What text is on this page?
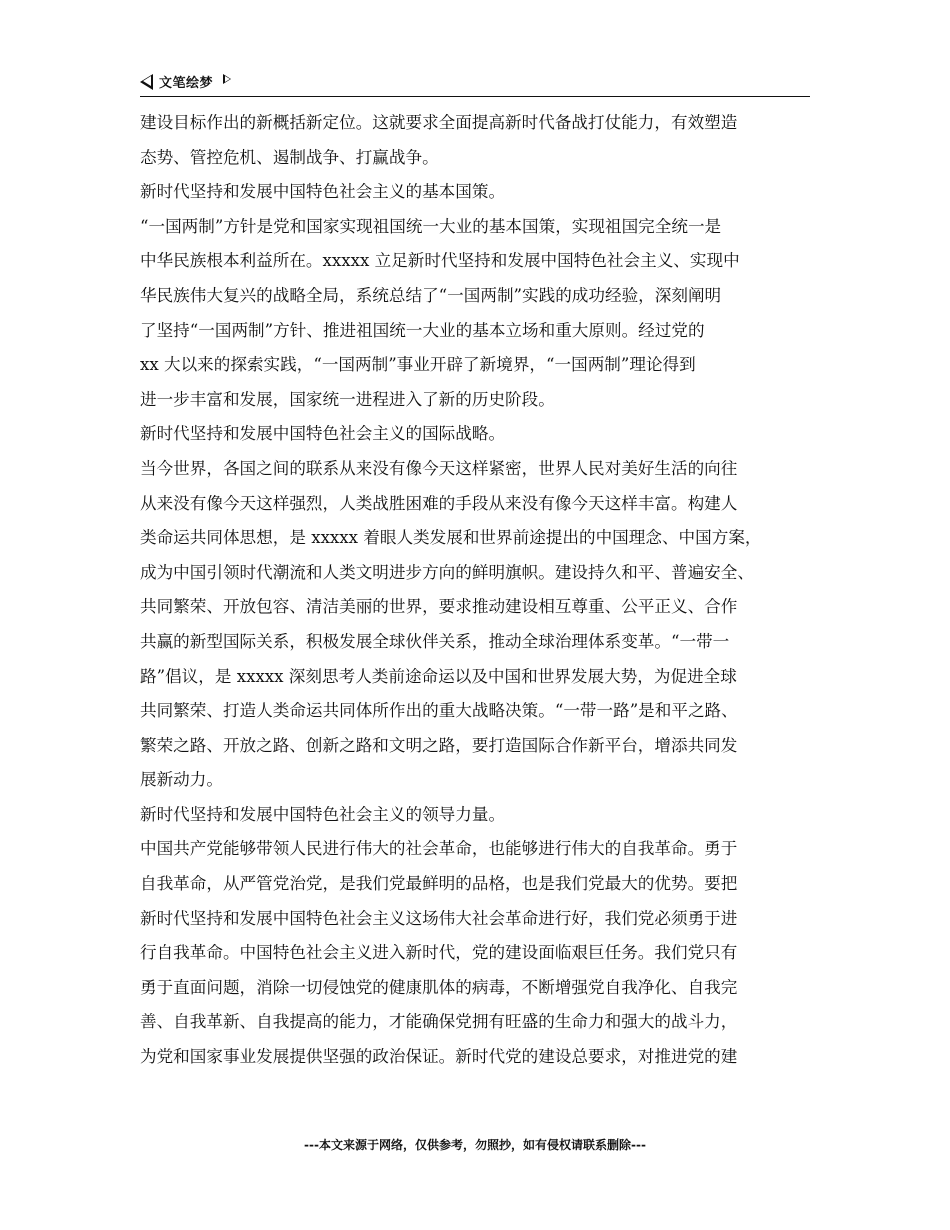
文笔绘梦
建设目标作出的新概括新定位。这就要求全面提高新时代备战打仗能力，有效塑造
态势、管控危机、遏制战争、打赢战争。
新时代坚持和发展中国特色社会主义的基本国策。
“一国两制”方针是党和国家实现祖国统一大业的基本国策，实现祖国完全统一是
中华民族根本利益所在。xxxxx 立足新时代坚持和发展中国特色社会主义、实现中
华民族伟大复兴的战略全局，系统总结了“一国两制”实践的成功经验，深刻阐明
了坚持“一国两制”方针、推进祖国统一大业的基本立场和重大原则。经过党的
xx 大以来的探索实践，“一国两制”事业开辟了新境界，“一国两制”理论得到
进一步丰富和发展，国家统一进程进入了新的历史阶段。
新时代坚持和发展中国特色社会主义的国际战略。
当今世界，各国之间的联系从来没有像今天这样紧密，世界人民对美好生活的向往
从来没有像今天这样强烈，人类战胜困难的手段从来没有像今天这样丰富。构建人
类命运共同体思想，是 xxxxx 着眼人类发展和世界前途提出的中国理念、中国方案，
成为中国引领时代潮流和人类文明进步方向的鲜明旗帜。建设持久和平、普遍安全、
共同繁荣、开放包容、清洁美丽的世界，要求推动建设相互尊重、公平正义、合作
共赢的新型国际关系，积极发展全球伙伴关系，推动全球治理体系变革。“一带一
路”倡议，是 xxxxx 深刻思考人类前途命运以及中国和世界发展大势，为促进全球
共同繁荣、打造人类命运共同体所作出的重大战略决策。“一带一路”是和平之路、
繁荣之路、开放之路、创新之路和文明之路，要打造国际合作新平台，增添共同发
展新动力。
新时代坚持和发展中国特色社会主义的领导力量。
中国共产党能够带领人民进行伟大的社会革命，也能够进行伟大的自我革命。勇于
自我革命，从严管党治党，是我们党最鲜明的品格，也是我们党最大的优势。要把
新时代坚持和发展中国特色社会主义这场伟大社会革命进行好，我们党必须勇于进
行自我革命。中国特色社会主义进入新时代，党的建设面临艰巨任务。我们党只有
勇于直面问题，消除一切侵蚀党的健康肌体的病毒，不断增强党自我净化、自我完
善、自我革新、自我提高的能力，才能确保党拥有旺盛的生命力和强大的战斗力，
为党和国家事业发展提供坚强的政治保证。新时代党的建设总要求，对推进党的建
---本文来源于网络，仅供参考，勿照抄，如有侵权请联系删除---
